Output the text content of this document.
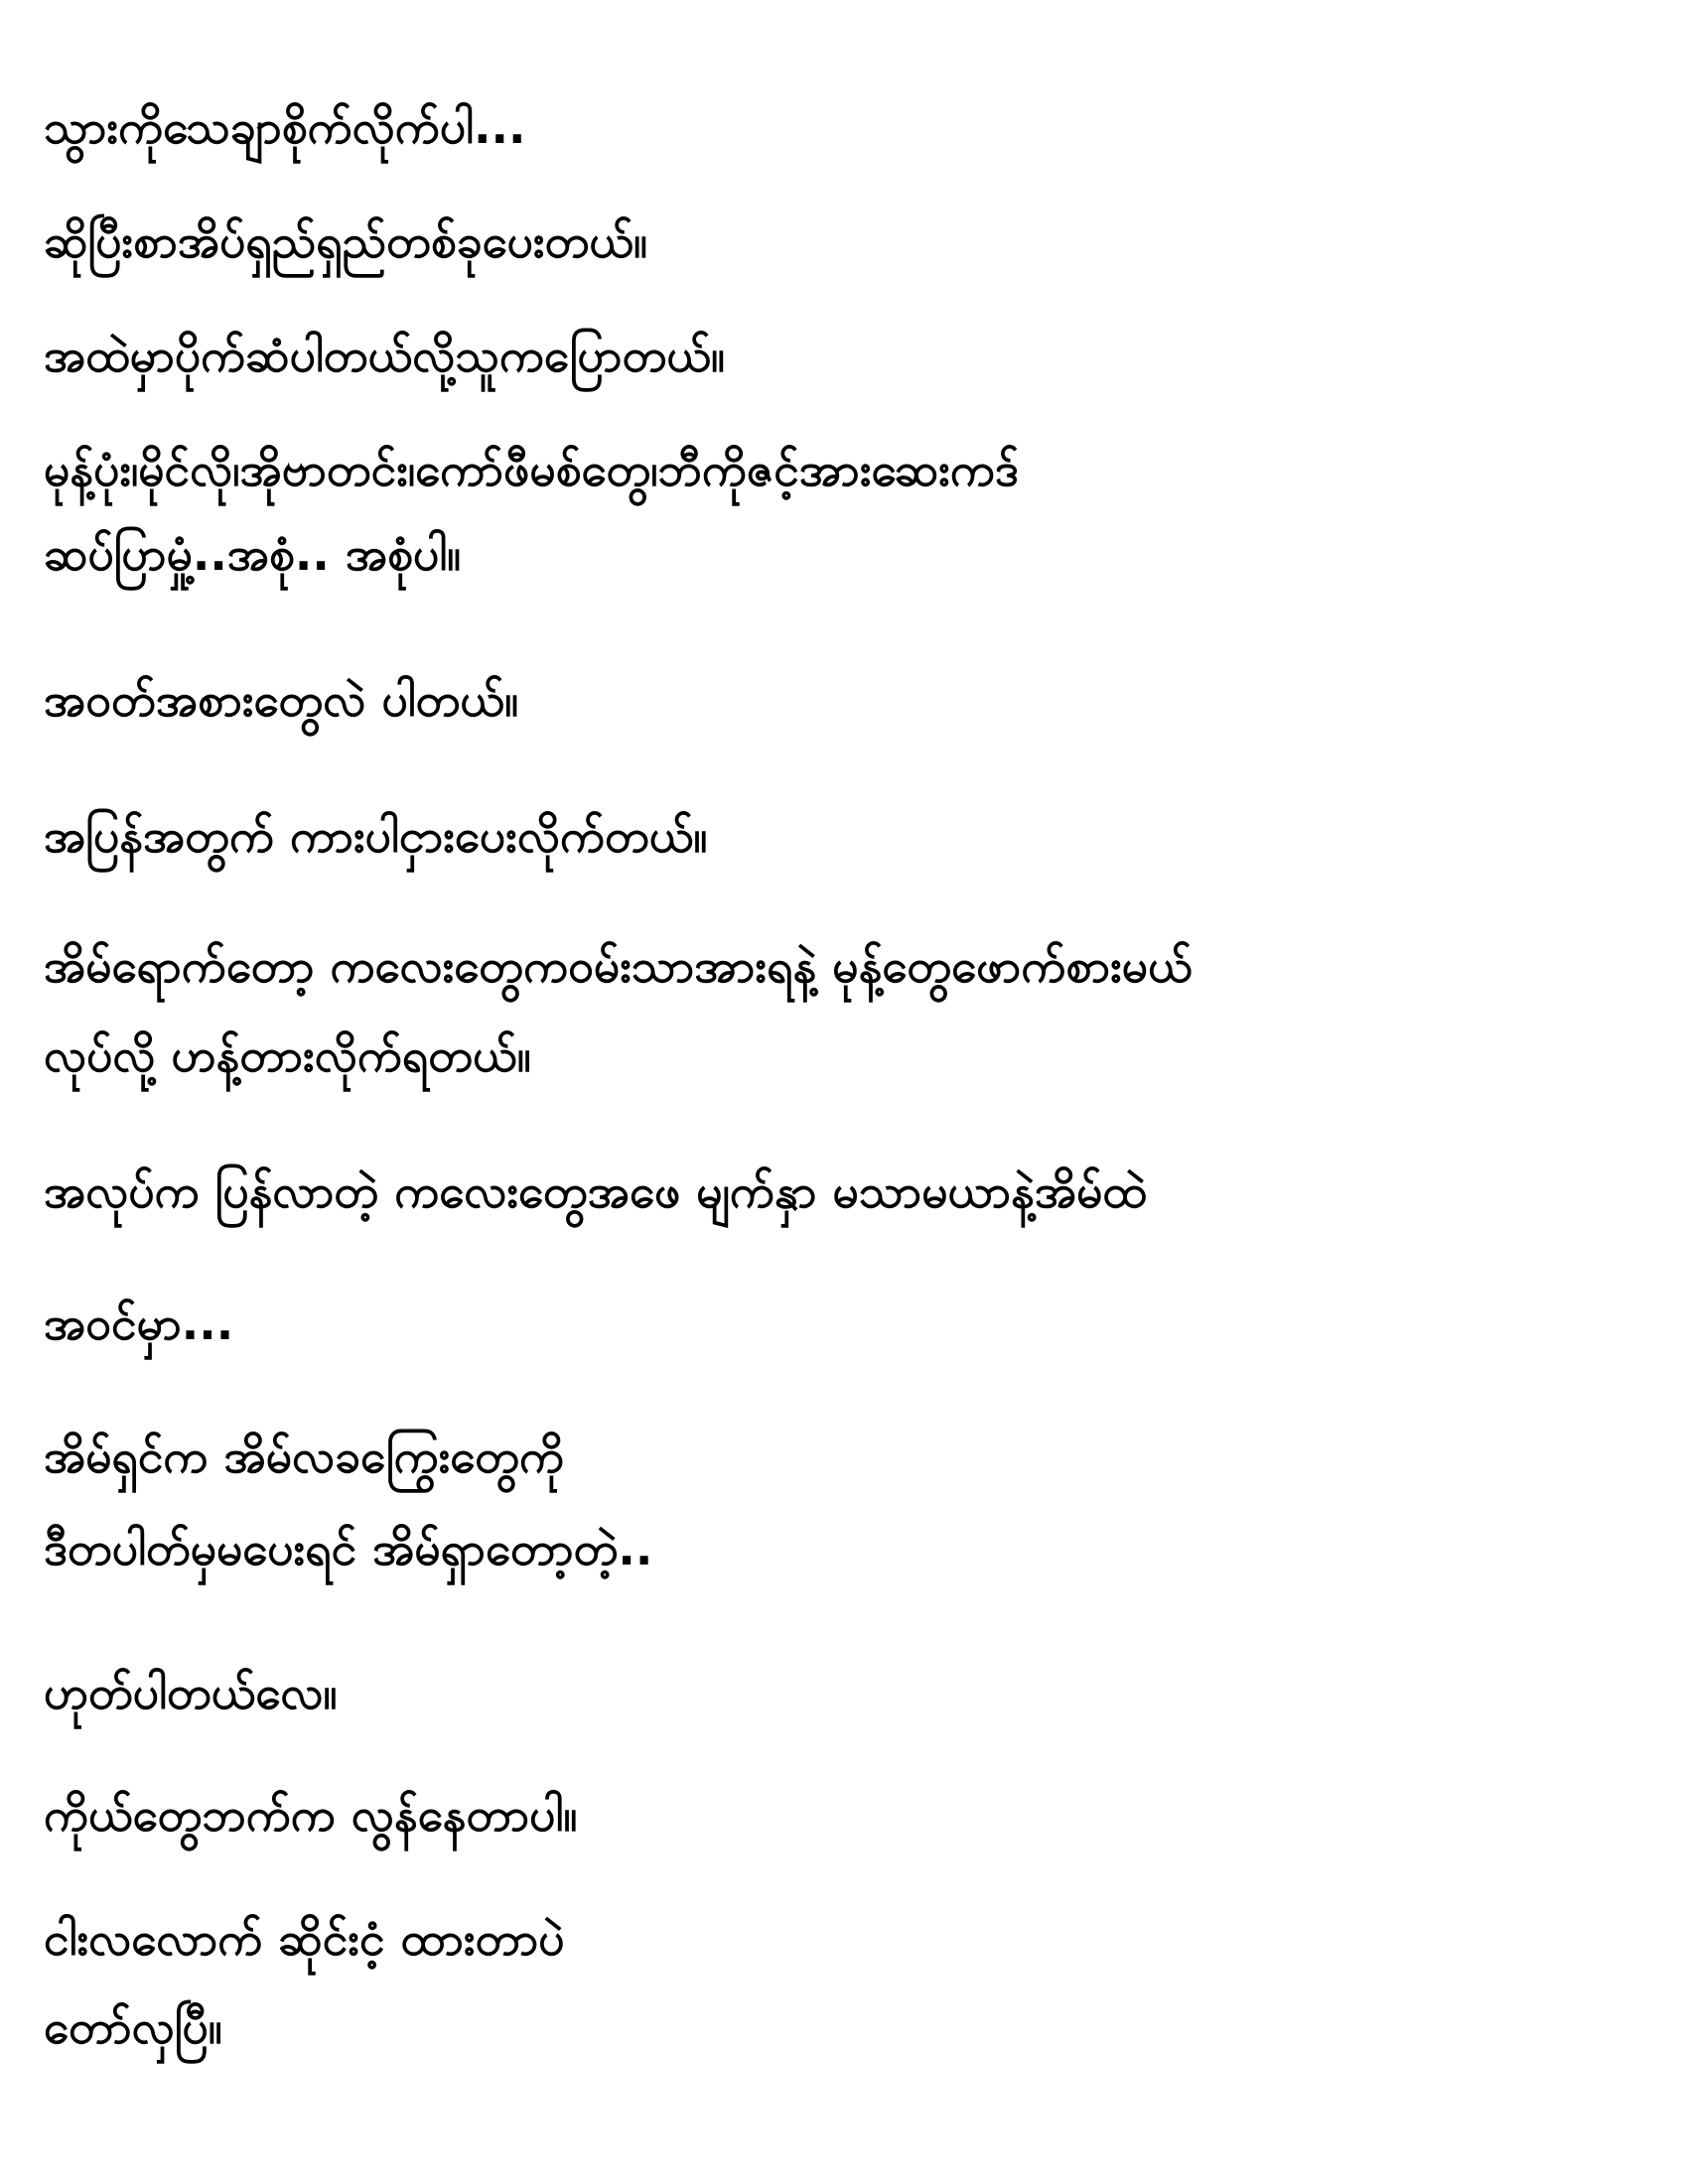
သွားကိုသေချာစိုက်လိုက်ပါ...
ဆိုပြီးစာအိပ်ရှည်ရှည်တစ်ခုပေးတယ်။
အထဲမှာပိုက်ဆံပါတယ်လို့သူကပြောတယ်။
မုန့်ပုံး၊မိုင်လို၊အိုဗာတင်း၊ကော်ဖီမစ်တွေ၊ဘီကိုဇင့်အားဆေးကဒ်
ဆပ်ပြာမှုံ့..အစုံ.. အစုံပါ။
အဝတ်အစားတွေလဲ ပါတယ်။
အပြန်အတွက် ကားပါငှားပေးလိုက်တယ်။
အိမ်ရောက်တော့ ကလေးတွေကဝမ်းသာအားရနဲ့ မုန့်တွေဖောက်စားမယ်
လုပ်လို့ ဟန့်တားလိုက်ရတယ်။
အလုပ်က ပြန်လာတဲ့ ကလေးတွေအဖေ မျက်နှာ မသာမယာနဲ့အိမ်ထဲ
အဝင်မှာ...
အိမ်ရှင်က အိမ်လခကြွေးတွေကို
ဒီတပါတ်မှမပေးရင် အိမ်ရှာတော့တဲ့..
ဟုတ်ပါတယ်လေ။
ကိုယ်တွေဘက်က လွန်နေတာပါ။
ငါးလလောက် ဆိုင်းငံ့ ထားတာပဲ
တော်လှပြီ။
